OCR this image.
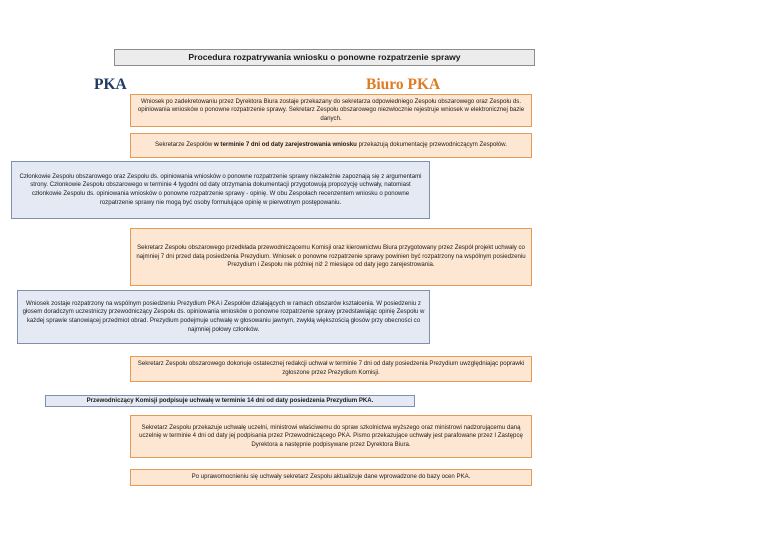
Procedura rozpatrywania wniosku o ponowne rozpatrzenie sprawy
PKA	Biuro PKA
Wniosek po zadekretowaniu przez Dyrektora Biura zostaje przekazany do sekretarza odpowiedniego Zespołu obszarowego oraz Zespołu ds. opiniowania wniosków o ponowne rozpatrzenie sprawy. Sekretarz Zespołu obszarowego niezwłocznie rejestruje wniosek w elektronicznej bazie danych.
Sekretarze Zespołów w terminie 7 dni od daty zarejestrowania wniosku przekazują dokumentację przewodniczącym Zespołów.
Członkowie Zespołu obszarowego oraz Zespołu ds. opiniowania wniosków o ponowne rozpatrzenie sprawy niezależnie zapoznają się z argumentami strony. Członkowie Zespołu obszarowego w terminie 4 tygodni od daty otrzymania dokumentacji przygotowują propozycję uchwały, natomiast członkowie Zespołu ds. opiniowania wniosków o ponowne rozpatrzenie sprawy - opinię. W obu Zespołach recenzentem wniosku o ponowne rozpatrzenie sprawy nie mogą być osoby formułujące opinię w pierwotnym postępowaniu.
Sekretarz Zespołu obszarowego przedkłada przewodniczącemu Komisji oraz kierownictwu Biura przygotowany przez Zespół projekt uchwały co najmniej 7 dni przed datą posiedzenia Prezydium. Wniosek o ponowne rozpatrzenie sprawy powinien być rozpatrzony na wspólnym posiedzeniu Prezydium i Zespołu nie później niż 2 miesiące od daty jego zarejestrowania.
Wniosek zostaje rozpatrzony na wspólnym posiedzeniu Prezydium PKA i Zespołów działających w ramach obszarów kształcenia. W posiedzeniu z głosem doradczym uczestniczy przewodniczący Zespołu ds. opiniowania wniosków o ponowne rozpatrzenie sprawy przedstawiając opinię Zespołu w każdej sprawie stanowiącej przedmiot obrad. Prezydium podejmuje uchwałę w głosowaniu jawnym, zwykłą większością głosów przy obecności co najmniej połowy członków.
Sekretarz Zespołu obszarowego dokonuje ostatecznej redakcji uchwał w terminie 7 dni od daty posiedzenia Prezydium uwzględniając poprawki zgłoszone przez Prezydium Komisji.
Przewodniczący Komisji podpisuje uchwałę w terminie 14 dni od daty posiedzenia Prezydium PKA.
Sekretarz Zespołu przekazuje uchwałę uczelni, ministrowi właściwemu do spraw szkolnictwa wyższego oraz ministrowi nadzorującemu daną uczelnię w terminie 4 dni od daty jej podpisania przez Przewodniczącego PKA. Pismo przekazujące uchwały jest parafowane przez I Zastępcę Dyrektora a następnie podpisywane przez Dyrektora Biura.
Po uprawomocnieniu się uchwały sekretarz Zespołu aktualizuje dane wprowadzone do bazy ocen PKA.
